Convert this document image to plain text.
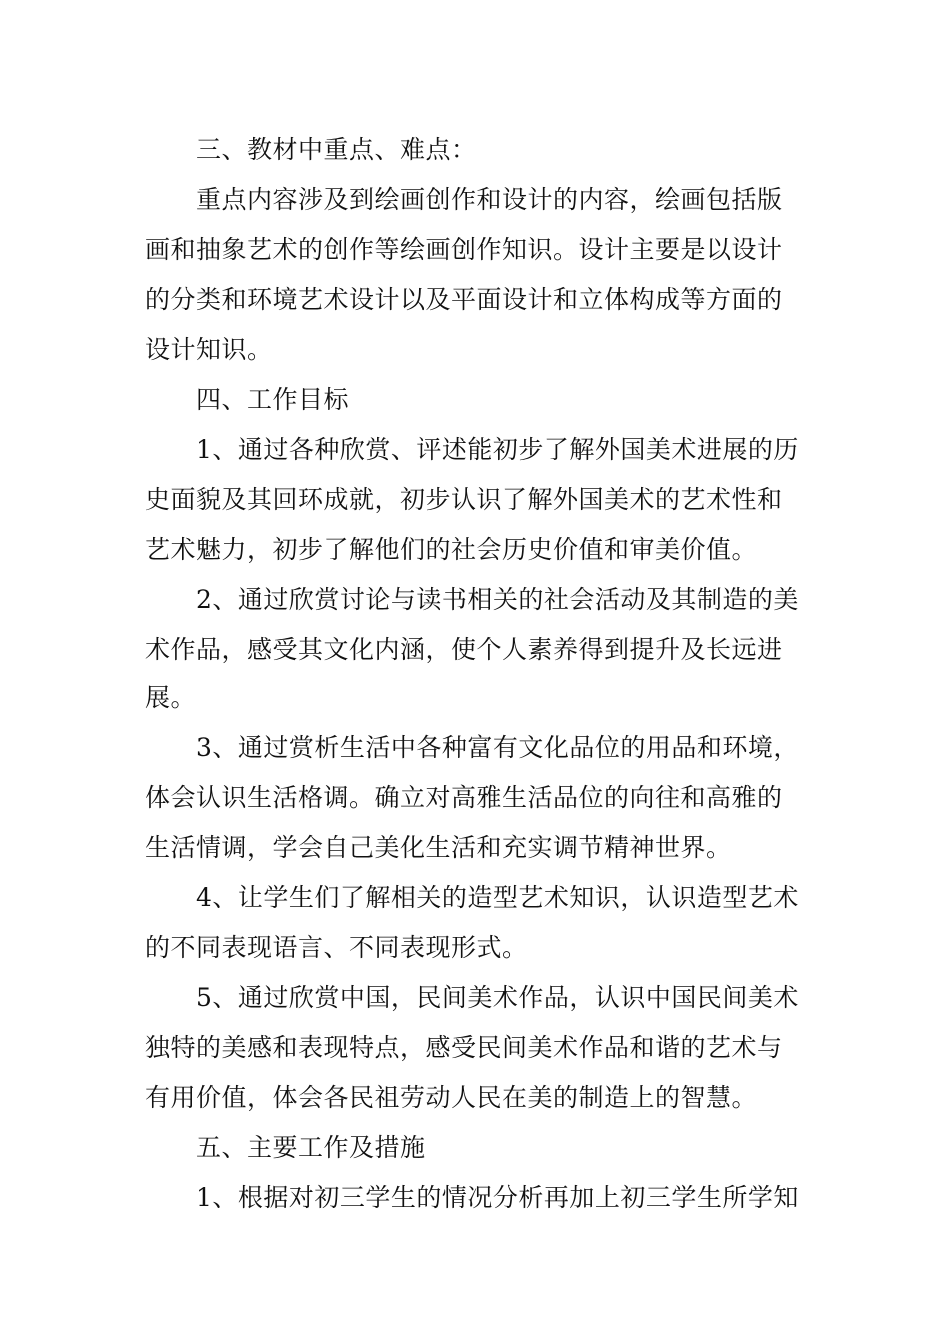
三、教材中重点、难点：
重点内容涉及到绘画创作和设计的内容，绘画包括版
画和抽象艺术的创作等绘画创作知识。设计主要是以设计
的分类和环境艺术设计以及平面设计和立体构成等方面的
设计知识。
四、工作目标
1、通过各种欣赏、评述能初步了解外国美术进展的历
史面貌及其回环成就，初步认识了解外国美术的艺术性和
艺术魅力，初步了解他们的社会历史价值和审美价值。
2、通过欣赏讨论与读书相关的社会活动及其制造的美
术作品，感受其文化内涵，使个人素养得到提升及长远进
展。
3、通过赏析生活中各种富有文化品位的用品和环境，
体会认识生活格调。确立对高雅生活品位的向往和高雅的
生活情调，学会自己美化生活和充实调节精神世界。
4、让学生们了解相关的造型艺术知识，认识造型艺术
的不同表现语言、不同表现形式。
5、通过欣赏中国，民间美术作品，认识中国民间美术
独特的美感和表现特点，感受民间美术作品和谐的艺术与
有用价值，体会各民祖劳动人民在美的制造上的智慧。
五、主要工作及措施
1、根据对初三学生的情况分析再加上初三学生所学知
